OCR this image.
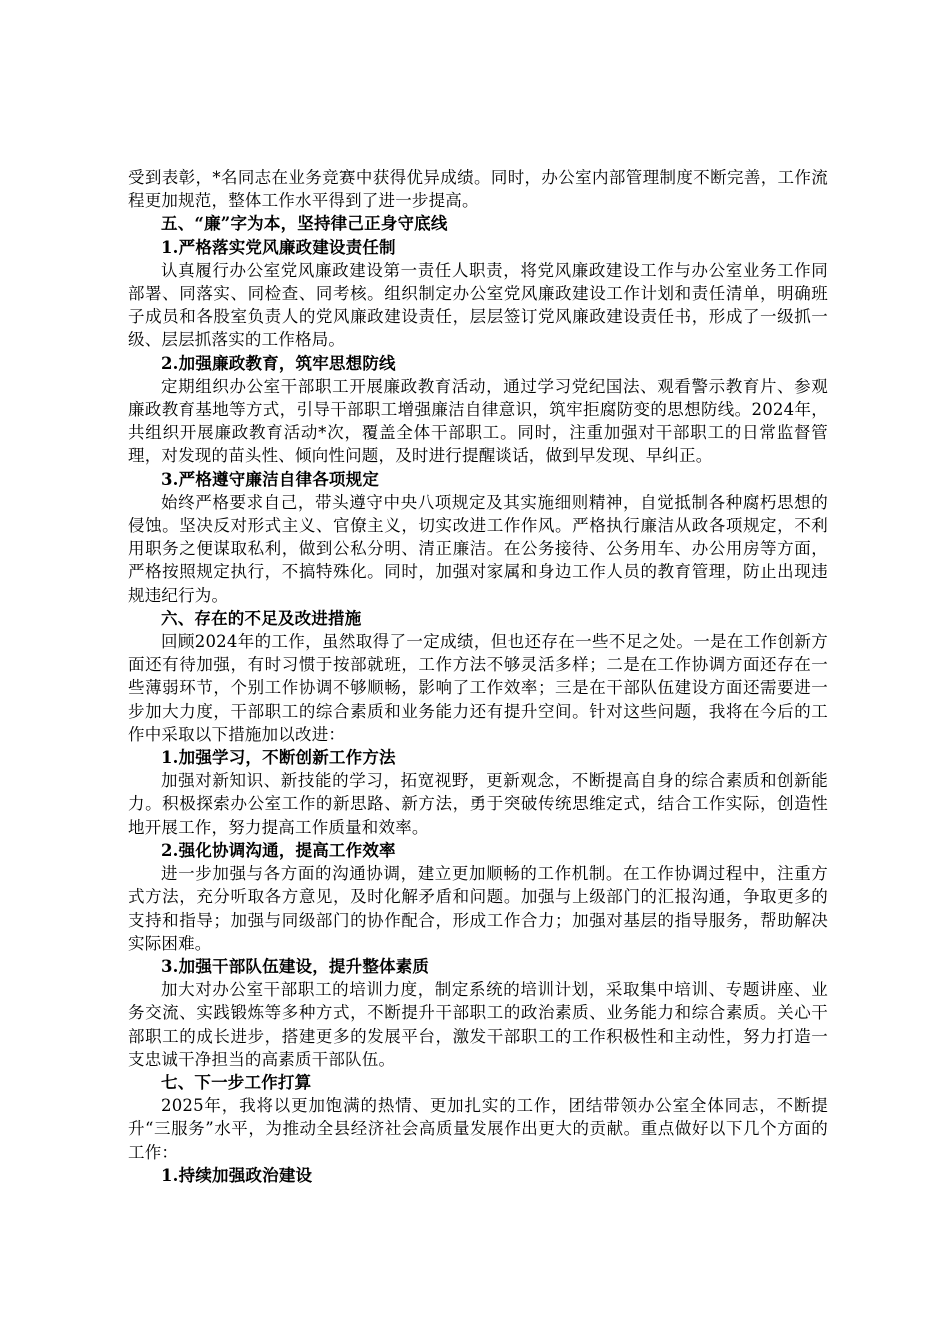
受到表彰，*名同志在业务竞赛中获得优异成绩。同时，办公室内部管理制度不断完善，工作流程更加规范，整体工作水平得到了进一步提高。

五、“廉”字为本，坚持律己正身守底线

1.严格落实党风廉政建设责任制

认真履行办公室党风廉政建设第一责任人职责，将党风廉政建设工作与办公室业务工作同部署、同落实、同检查、同考核。组织制定办公室党风廉政建设工作计划和责任清单，明确班子成员和各股室负责人的党风廉政建设责任，层层签订党风廉政建设责任书，形成了一级抓一级、层层抓落实的工作格局。

2.加强廉政教育，筑牢思想防线

定期组织办公室干部职工开展廉政教育活动，通过学习党纪国法、观看警示教育片、参观廉政教育基地等方式，引导干部职工增强廉洁自律意识，筑牢拒腐防变的思想防线。2024年，共组织开展廉政教育活动*次，覆盖全体干部职工。同时，注重加强对干部职工的日常监督管理，对发现的苗头性、倾向性问题，及时进行提醒谈话，做到早发现、早纠正。

3.严格遵守廉洁自律各项规定

始终严格要求自己，带头遵守中央八项规定及其实施细则精神，自觉抵制各种腐朽思想的侵蚀。坚决反对形式主义、官僚主义，切实改进工作作风。严格执行廉洁从政各项规定，不利用职务之便谋取私利，做到公私分明、清正廉洁。在公务接待、公务用车、办公用房等方面，严格按照规定执行，不搞特殊化。同时，加强对家属和身边工作人员的教育管理，防止出现违规违纪行为。

六、存在的不足及改进措施

回顾2024年的工作，虽然取得了一定成绩，但也还存在一些不足之处。一是在工作创新方面还有待加强，有时习惯于按部就班，工作方法不够灵活多样；二是在工作协调方面还存在一些薄弱环节，个别工作协调不够顺畅，影响了工作效率；三是在干部队伍建设方面还需要进一步加大力度，干部职工的综合素质和业务能力还有提升空间。针对这些问题，我将在今后的工作中采取以下措施加以改进：

1.加强学习，不断创新工作方法

加强对新知识、新技能的学习，拓宽视野，更新观念，不断提高自身的综合素质和创新能力。积极探索办公室工作的新思路、新方法，勇于突破传统思维定式，结合工作实际，创造性地开展工作，努力提高工作质量和效率。

2.强化协调沟通，提高工作效率

进一步加强与各方面的沟通协调，建立更加顺畅的工作机制。在工作协调过程中，注重方式方法，充分听取各方意见，及时化解矛盾和问题。加强与上级部门的汇报沟通，争取更多的支持和指导；加强与同级部门的协作配合，形成工作合力；加强对基层的指导服务，帮助解决实际困难。

3.加强干部队伍建设，提升整体素质

加大对办公室干部职工的培训力度，制定系统的培训计划，采取集中培训、专题讲座、业务交流、实践锻炼等多种方式，不断提升干部职工的政治素质、业务能力和综合素质。关心干部职工的成长进步，搭建更多的发展平台，激发干部职工的工作积极性和主动性，努力打造一支忠诚干净担当的高素质干部队伍。

七、下一步工作打算

2025年，我将以更加饱满的热情、更加扎实的工作，团结带领办公室全体同志，不断提升“三服务”水平，为推动全县经济社会高质量发展作出更大的贡献。重点做好以下几个方面的工作：

1.持续加强政治建设
